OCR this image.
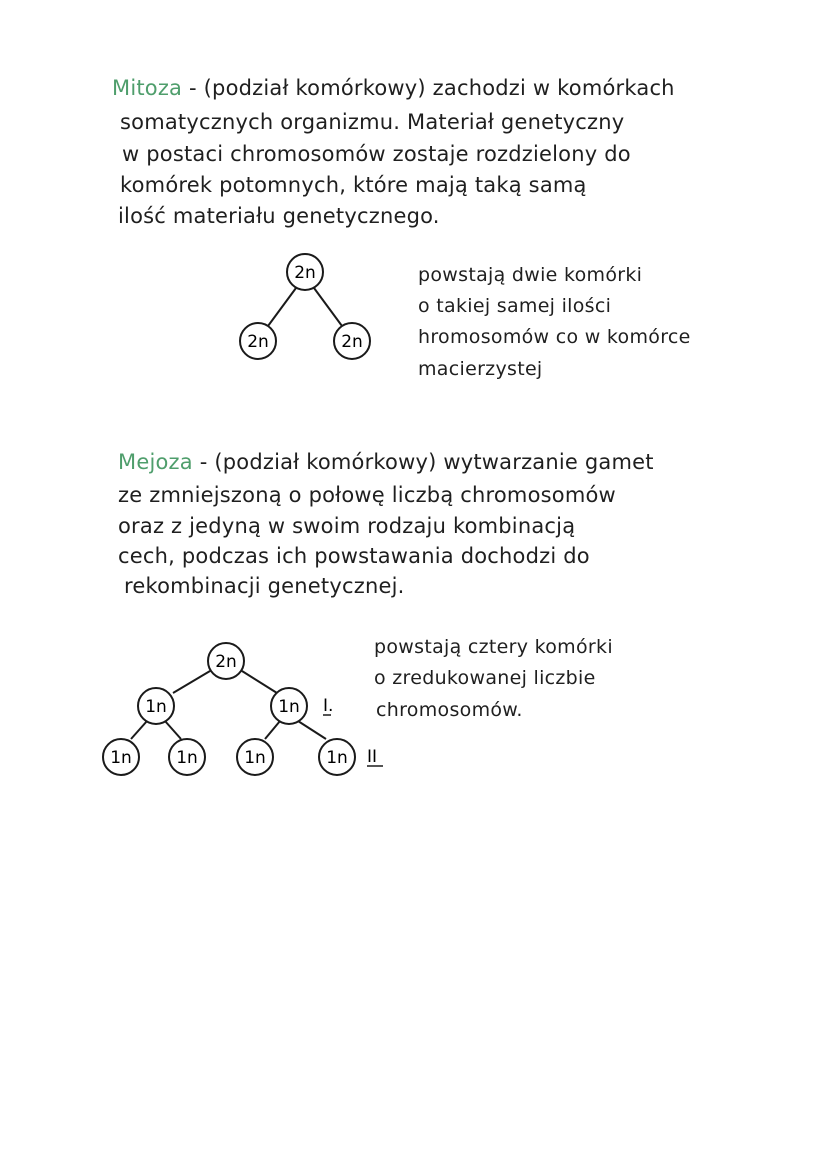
Mitoza - (podział komórkowy) zachodzi w komórkach
somatycznych organizmu. Materiał genetyczny
w postaci chromosomów zostaje rozdzielony do
komórek potomnych, które mają taką samą
ilość materiału genetycznego.
2n
2n	2n
powstają dwie komórki
o takiej samej ilości
hromosomów co w komórce
macierzystej
Mejoza - (podział komórkowy) wytwarzanie gamet
ze zmniejszoną o połowę liczbą chromosomów
oraz z jedyną w swoim rodzaju kombinacją
cech, podczas ich powstawania dochodzi do
rekombinacji genetycznej.
2n
1n	1n I.
1n	1n	1n	1n II
powstają cztery komórki
o zredukowanej liczbie
chromosomów.
